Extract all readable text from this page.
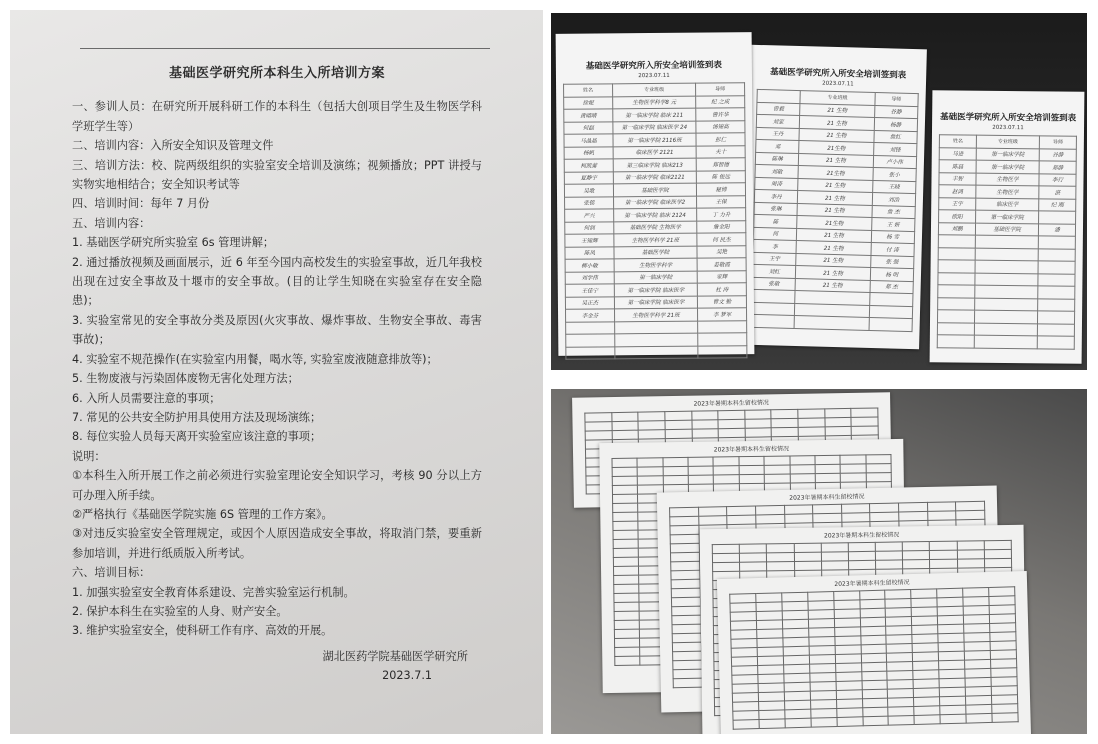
基础医学研究所本科生入所培训方案
一、参训人员：在研究所开展科研工作的本科生（包括大创项目学生及生物医学科学班学生等）
二、培训内容：入所安全知识及管理文件
三、培训方法：校、院两级组织的实验室安全培训及演练；视频播放；PPT 讲授与实物实地相结合；安全知识考试等
四、培训时间：每年 7 月份
五、培训内容：
1. 基础医学研究所实验室 6s 管理讲解；
2. 通过播放视频及画面展示，近 6 年至今国内高校发生的实验室事故，近几年我校出现在过安全事故及十堰市的安全事故。(目的让学生知晓在实验室存在安全隐患)；
3. 实验室常见的安全事故分类及原因(火灾事故、爆炸事故、生物安全事故、毒害事故)；
4. 实验室不规范操作(在实验室内用餐，喝水等, 实验室废液随意排放等)；
5. 生物废液与污染固体废物无害化处理方法；
6. 入所人员需要注意的事项；
7. 常见的公共安全防护用具使用方法及现场演练；
8. 每位实验人员每天离开实验室应该注意的事项；
说明：
①本科生入所开展工作之前必须进行实验室理论安全知识学习，考核 90 分以上方可办理入所手续。
②严格执行《基础医学院实施 6S 管理的工作方案》。
③对违反实验室安全管理规定，或因个人原因造成安全事故，将取消门禁，要重新参加培训，并进行纸质版入所考试。
六、培训目标：
1. 加强实验室安全教育体系建设、完善实验室运行机制。
2. 保护本科生在实验室的人身、财产安全。
3. 维护实验室安全，使科研工作有序、高效的开展。
湖北医药学院基础医学研究所
2023.7.1
基础医学研究所入所安全培训签到表
2023.07.11
姓名	专业班级	导师
马进	第一临床学院	谷静
陈晨	第一临床学院	郑静
丰智	生物医学	李行
赵鸿	生物医学	湛
王宇	临床医学	纪 刚
欧阳	第一临床学院	
刘鹏	基础医学院	潘

基础医学研究所入所安全培训签到表
2023.07.11
	专业班级	导师
曾毅	21 生物	谷静
刘家	21 生物	杨静
王丹	21 生物	詹红
邓	21生物	刘锋
陈琳	21 生物	卢小伟
刘敏	21生物	张小
周涛	21 生物	王晓
李丹	21 生物	刘浩
张琳	21 生物	詹 杰
陈	21生物	王 妍
何	21 生物	杨 雪
李	21 生物	付 涛
王宇	21 生物	张 强
刘红	21 生物	杨 明
张敏	21 生物	郑 杰

基础医学研究所入所安全培训签到表
2023.07.11
姓名	专业班级	导师
徐妮	生物医学科学8 元	纪 之成
黄晴晴	第一临床学院 临床 211	曾许华
何磊	第一临床学院 临床医学 24	汤锦高
马晶晶	第一临床学院 2116班	彭仁
杨帆	临床医学 2121	夫十
柯凯蕾	第三临床学院 临床213	郑智德
夏静宇	第一临床学院 临床2121	陈 俊远
吴歌	基础医学院	秘博
张铭	第一临床学院 临床医学2	王保
严兴	第一临床学院 临床 2124	丁 力升
何润	基础医学院 生物医学	詹金阳
王锦辉	生物医学科学 21班	何 民杰
陈凤	基础医学院	吴艳
柳小敏	生物医学科学	姜敬霞
刘学伟	第一临床学院	家辉
王佳宁	第一临床学院 临床医学	杜 涛
吴正杰	第一临床学院 临床医学	曹文 勤
李金芬	生物医学科学 21班	李 梦军

2023年暑期本科生留校情况

2023年暑期本科生留校情况

2023年暑期本科生留校情况

2023年暑期本科生留校情况

2023年暑期本科生留校情况
